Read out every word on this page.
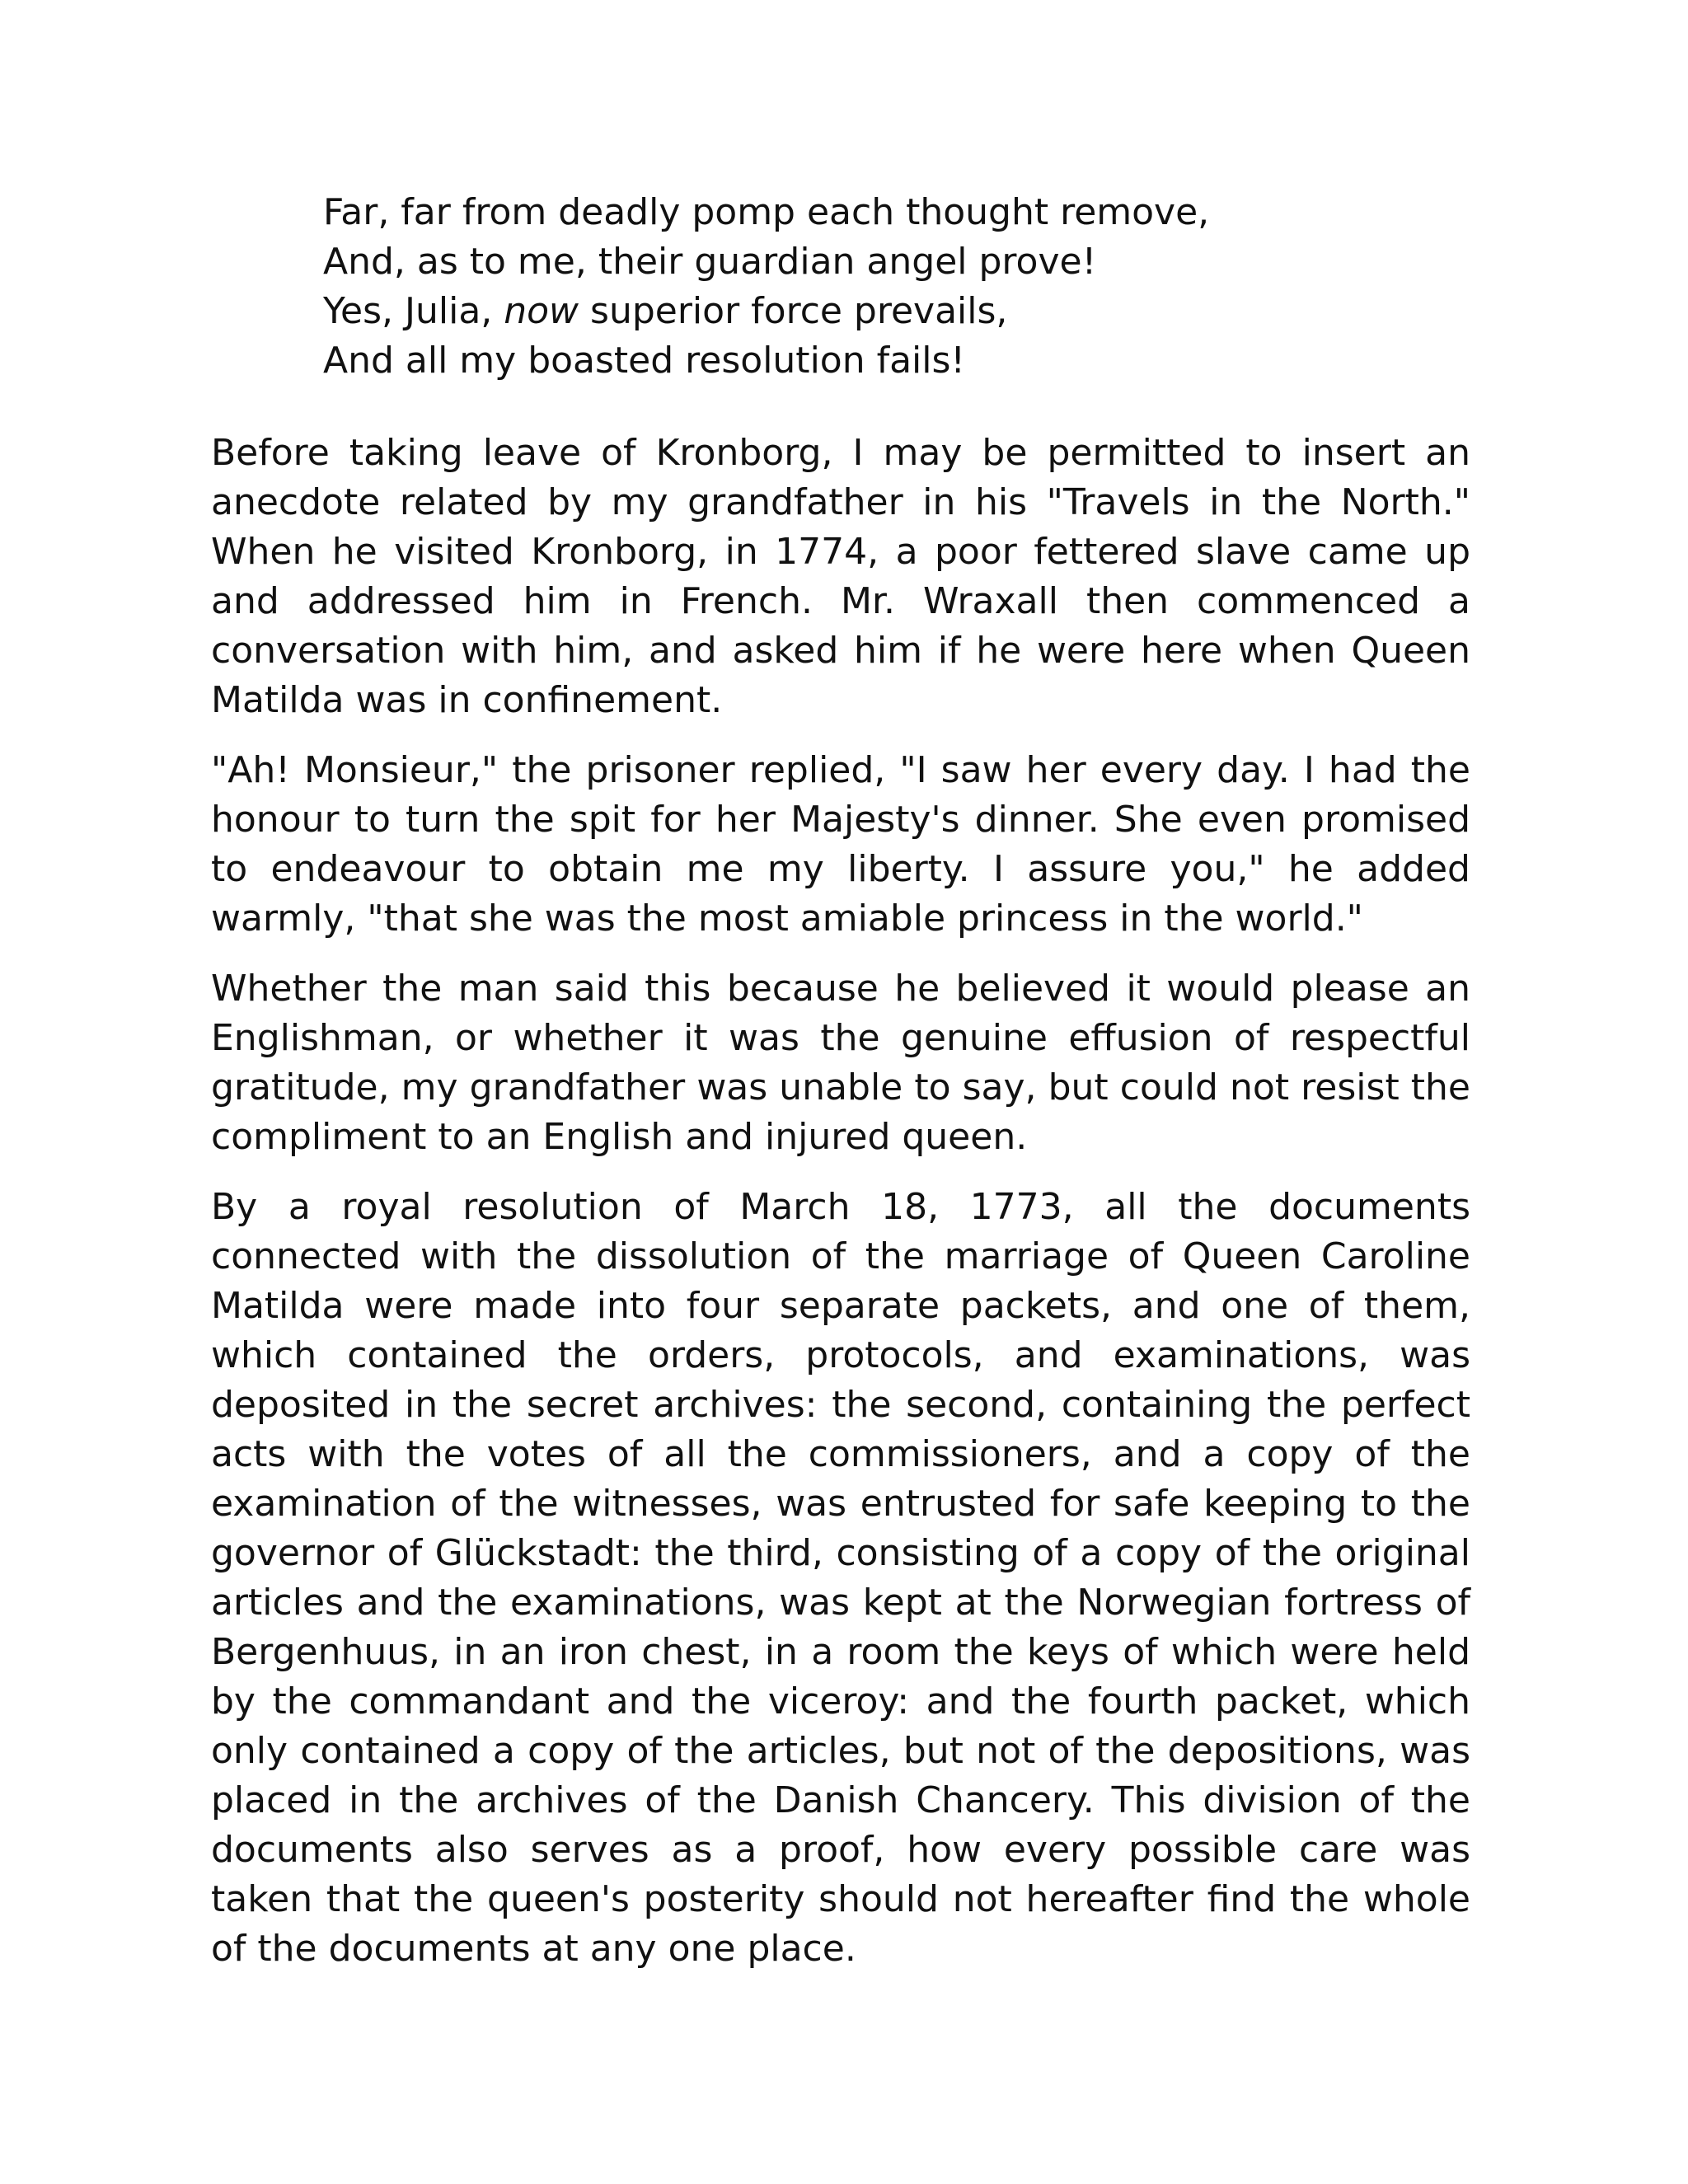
Far, far from deadly pomp each thought remove,
And, as to me, their guardian angel prove!
Yes, Julia, now superior force prevails,
And all my boasted resolution fails!

Before taking leave of Kronborg, I may be permitted to insert an anecdote related by my grandfather in his "Travels in the North." When he visited Kronborg, in 1774, a poor fettered slave came up and addressed him in French. Mr. Wraxall then commenced a conversation with him, and asked him if he were here when Queen Matilda was in confinement.

"Ah! Monsieur," the prisoner replied, "I saw her every day. I had the honour to turn the spit for her Majesty's dinner. She even promised to endeavour to obtain me my liberty. I assure you," he added warmly, "that she was the most amiable princess in the world."

Whether the man said this because he believed it would please an Englishman, or whether it was the genuine effusion of respectful gratitude, my grandfather was unable to say, but could not resist the compliment to an English and injured queen.

By a royal resolution of March 18, 1773, all the documents connected with the dissolution of the marriage of Queen Caroline Matilda were made into four separate packets, and one of them, which contained the orders, protocols, and examinations, was deposited in the secret archives: the second, containing the perfect acts with the votes of all the commissioners, and a copy of the examination of the witnesses, was entrusted for safe keeping to the governor of Glückstadt: the third, consisting of a copy of the original articles and the examinations, was kept at the Norwegian fortress of Bergenhuus, in an iron chest, in a room the keys of which were held by the commandant and the viceroy: and the fourth packet, which only contained a copy of the articles, but not of the depositions, was placed in the archives of the Danish Chancery. This division of the documents also serves as a proof, how every possible care was taken that the queen's posterity should not hereafter find the whole of the documents at any one place.
